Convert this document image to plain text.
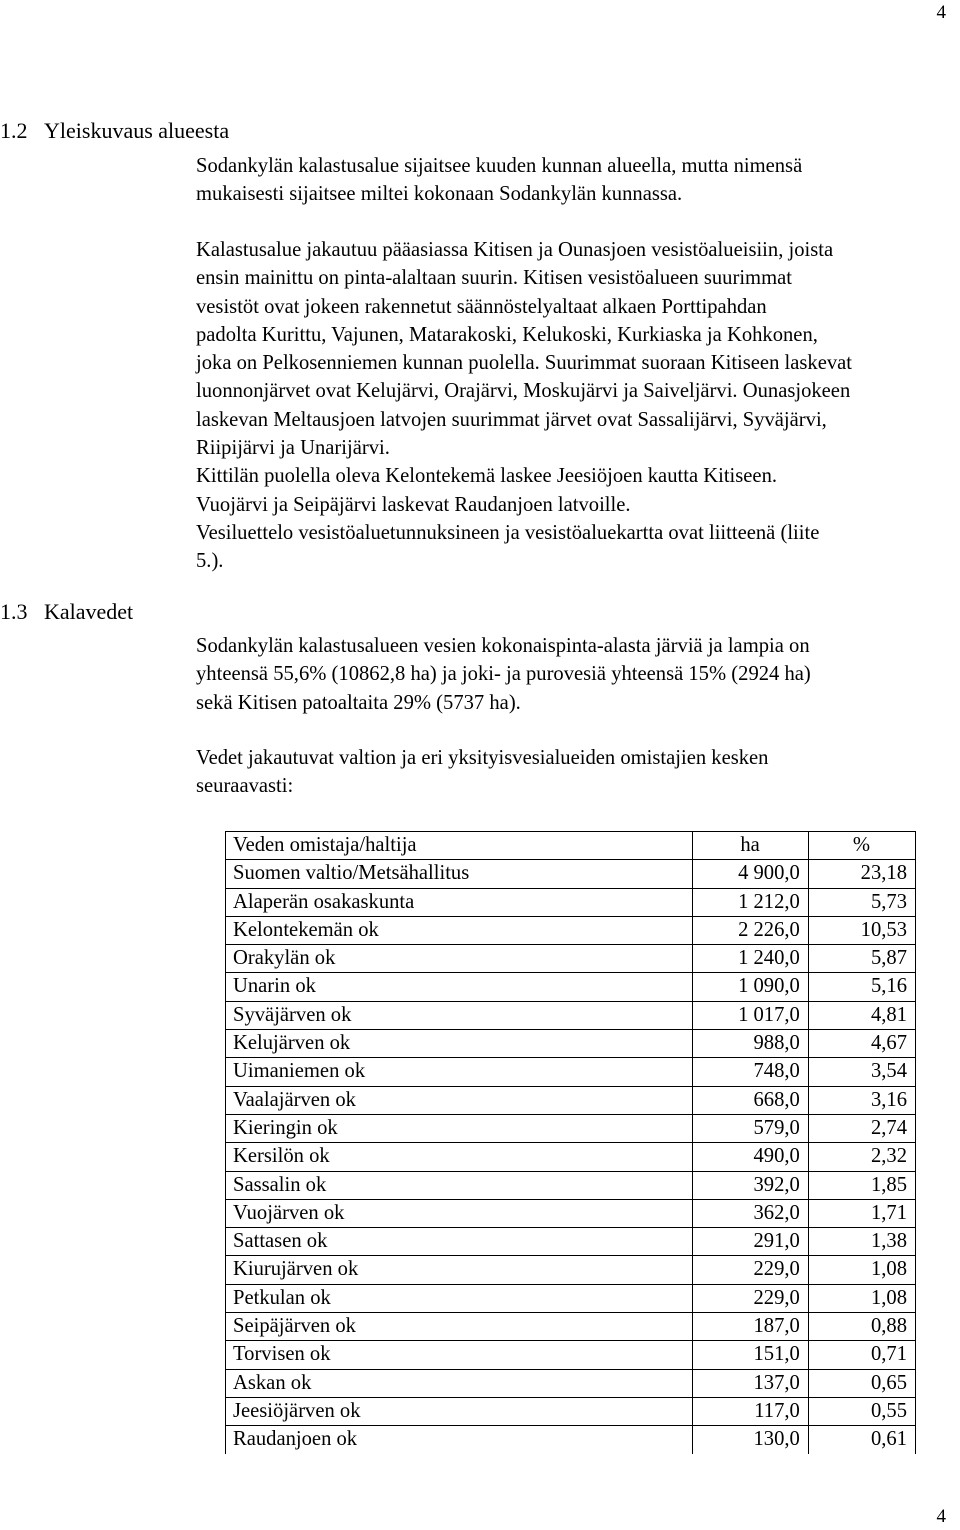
4
1.2 Yleiskuvaus alueesta

Sodankylän kalastusalue sijaitsee kuuden kunnan alueella, mutta nimensä

mukaisesti sijaitsee miltei kokonaan Sodankylän kunnassa.

Kalastusalue jakautuu pääasiassa Kitisen ja Ounasjoen vesistöalueisiin, joista

ensin mainittu on pinta-alaltaan suurin. Kitisen vesistöalueen suurimmat

vesistöt ovat jokeen rakennetut säännöstelyaltaat alkaen Porttipahdan

padolta Kurittu, Vajunen, Matarakoski, Kelukoski, Kurkiaska ja Kohkonen,

joka on Pelkosenniemen kunnan puolella. Suurimmat suoraan Kitiseen laskevat

luonnonjärvet ovat Kelujärvi, Orajärvi, Moskujärvi ja Saiveljärvi. Ounasjokeen

laskevan Meltausjoen latvojen suurimmat järvet ovat Sassalijärvi, Syväjärvi,

Riipijärvi ja Unarijärvi.

Kittilän puolella oleva Kelontekemä laskee Jeesiöjoen kautta Kitiseen.

Vuojärvi ja Seipäjärvi laskevat Raudanjoen latvoille.

Vesiluettelo vesistöaluetunnuksineen ja vesistöaluekartta ovat liitteenä (liite

5.).

1.3 Kalavedet

Sodankylän kalastusalueen vesien kokonaispinta-alasta järviä ja lampia on

yhteensä 55,6% (10862,8 ha) ja joki- ja purovesiä yhteensä 15% (2924 ha)

sekä Kitisen patoaltaita 29% (5737 ha).

Vedet jakautuvat valtion ja eri yksityisvesialueiden omistajien kesken

seuraavasti:

Veden omistaja/haltija	ha	%
Suomen valtio/Metsähallitus	4 900,0	23,18
Alaperän osakaskunta	1 212,0	5,73
Kelontekemän ok	2 226,0	10,53
Orakylän ok	1 240,0	5,87
Unarin ok	1 090,0	5,16
Syväjärven ok	1 017,0	4,81
Kelujärven ok	988,0	4,67
Uimaniemen ok	748,0	3,54
Vaalajärven ok	668,0	3,16
Kieringin ok	579,0	2,74
Kersilön ok	490,0	2,32
Sassalin ok	392,0	1,85
Vuojärven ok	362,0	1,71
Sattasen ok	291,0	1,38
Kiurujärven ok	229,0	1,08
Petkulan ok	229,0	1,08
Seipäjärven ok	187,0	0,88
Torvisen ok	151,0	0,71
Askan ok	137,0	0,65
Jeesiöjärven ok	117,0	0,55
Raudanjoen ok	130,0	0,61
4
